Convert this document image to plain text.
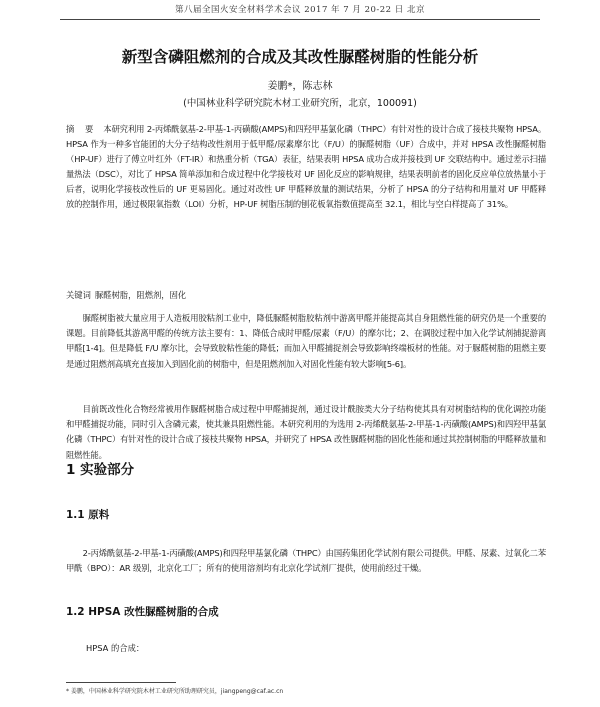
第八届全国火安全材料学术会议 2017 年 7 月 20-22 日 北京
新型含磷阻燃剂的合成及其改性脲醛树脂的性能分析
姜鹏*，陈志林
(中国林业科学研究院木材工业研究所，北京，100091)

摘 要 本研究利用 2-丙烯酰氨基-2-甲基-1-丙磺酸(AMPS)和四羟甲基氯化磷（THPC）有针对性的设计合成了接枝共聚物 HPSA。HPSA 作为一种多官能团的大分子结构改性剂用于低甲醛/尿素摩尔比（F/U）的脲醛树脂（UF）合成中，并对 HPSA 改性脲醛树脂（HP-UF）进行了傅立叶红外（FT-IR）和热重分析（TGA）表征，结果表明 HPSA 成功合成并接枝到 UF 交联结构中。通过差示扫描量热法（DSC），对比了 HPSA 简单添加和合成过程中化学接枝对 UF 固化反应的影响规律，结果表明前者的固化反应单位放热量小于后者，说明化学接枝改性后的 UF 更易固化。通过对改性 UF 甲醛释放量的测试结果，分析了 HPSA 的分子结构和用量对 UF 甲醛释放的控制作用，通过极限氧指数（LOI）分析，HP-UF 树脂压制的刨花板氧指数值提高至 32.1，相比与空白样提高了 31%。

关键词 脲醛树脂，阻燃剂，固化

脲醛树脂被大量应用于人造板用胶粘剂工业中，降低脲醛树脂胶粘剂中游离甲醛并能提高其自身阻燃性能的研究仍是一个重要的课题。目前降低其游离甲醛的传统方法主要有：1、降低合成时甲醛/尿素（F/U）的摩尔比；2、在调胶过程中加入化学试剂捕捉游离甲醛[1-4]。但是降低 F/U 摩尔比，会导致胶粘性能的降低；而加入甲醛捕捉剂会导致影响终端板材的性能。对于脲醛树脂的阻燃主要是通过阻燃剂高填充直接加入到固化前的树脂中，但是阻燃剂加入对固化性能有较大影响[5-6]。

目前既改性化合物经常被用作脲醛树脂合成过程中甲醛捕捉剂，通过设计酰胺类大分子结构使其具有对树脂结构的优化调控功能和甲醛捕捉功能，同时引入含磷元素，使其兼具阻燃性能。本研究利用的为选用 2-丙烯酰氨基-2-甲基-1-丙磺酸(AMPS)和四羟甲基氯化磷（THPC）有针对性的设计合成了接枝共聚物 HPSA，并研究了 HPSA 改性脲醛树脂的固化性能和通过其控制树脂的甲醛释放量和阻燃性能。

1 实验部分
1.1 原料

2-丙烯酰氨基-2-甲基-1-丙磺酸(AMPS)和四羟甲基氯化磷（THPC）由国药集团化学试剂有限公司提供。甲醛、尿素、过氧化二苯甲酰（BPO）：AR 级别，北京化工厂；所有的使用溶剂均有北京化学试剂厂提供，使用前经过干燥。

1.2 HPSA 改性脲醛树脂的合成

HPSA 的合成：

* 姜鹏，中国林业科学研究院木材工业研究所助理研究员，jiangpeng@caf.ac.cn
